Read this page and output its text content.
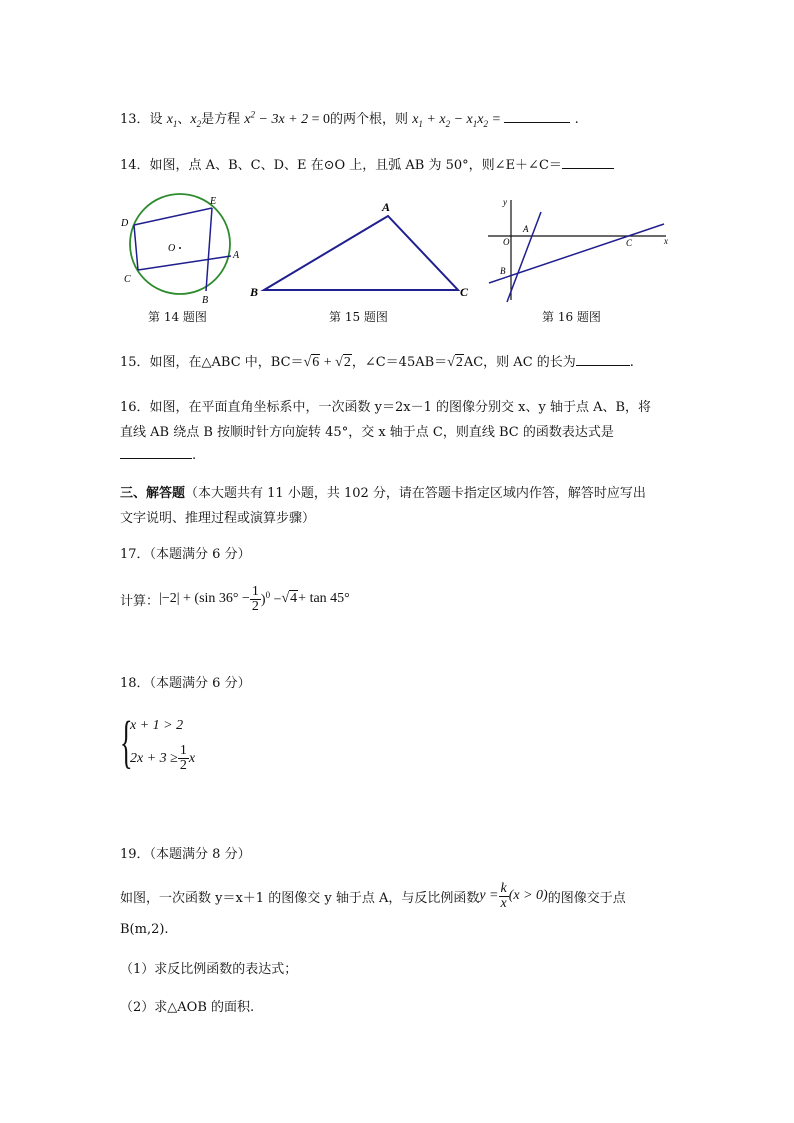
13．设 $x_1$、$x_2$是方程 $x^2 - 3x + 2 = 0$的两个根，则 $x_1 + x_2 - x_1x_2$ =	.
14．如图，点 A、B、C、D、E 在⊙O 上，且弧 AB 为 50°，则∠E＋∠C＝
D
E
O
A
C
B
第 14 题图
A
B	C
第 15 题图
y
A
O	C	x
B
第 16 题图
15．如图，在△ABC 中，BC＝√6 + √2，∠C＝45AB＝√2AC，则 AC 的长为	.
16．如图，在平面直角坐标系中，一次函数 y＝2x－1 的图像分别交 x、y 轴于点 A、B，将
直线 AB 绕点 B 按顺时针方向旋转 45°，交 x 轴于点 C，则直线 BC 的函数表达式是
.
三、解答题（本大题共有 11 小题，共 102 分，请在答题卡指定区域内作答，解答时应写出
文字说明、推理过程或演算步骤）
17．（本题满分 6 分）
计算： |−2| + (sin $36^\circ - \frac{1}{2} )^0 - √4 + \tan 45^\circ$
18．（本题满分 6 分）
{
x + 1 > 2
$2x + 3 \ge \frac{1}{2}$ x
19．（本题满分 8 分）
如图，一次函数 y＝x＋1 的图像交 y 轴于点 A，与反比例函数 $y = \frac{k}{x} (x > 0)$ 的图像交于点
B(m,2).
（1）求反比例函数的表达式；
（2）求△AOB 的面积.
